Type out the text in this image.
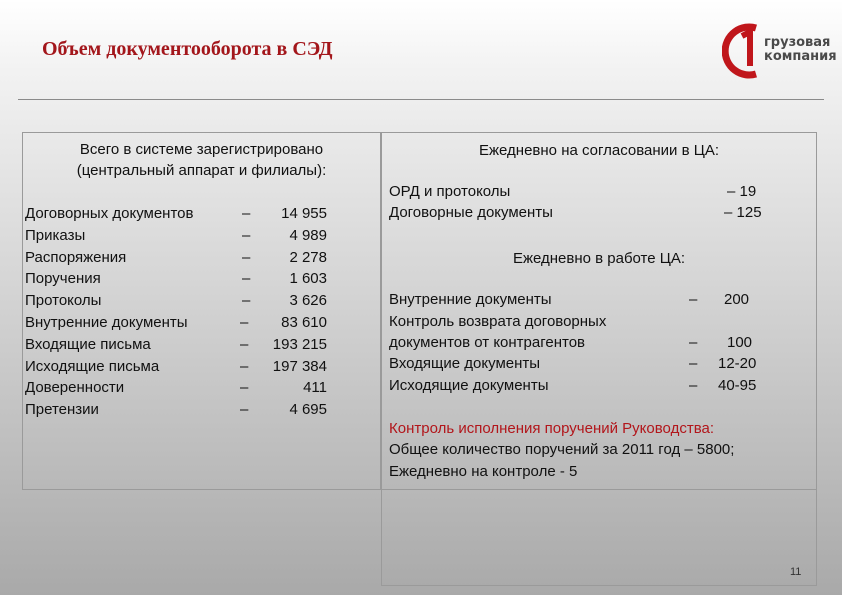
Объем документооборота в СЭД	грузовая
компания
Всего в системе зарегистрировано
(центральный аппарат и филиалы):
Договорных документов	–	14 955
Приказы	–	4 989
Распоряжения	–	2 278
Поручения	–	1 603
Протоколы	–	3 626
Внутренние документы	–	83 610
Входящие письма	–	193 215
Исходящие письма	–	197 384
Доверенности	–	411
Претензии	–	4 695
Ежедневно на согласовании в ЦА:
ОРД и протоколы	– 19
Договорные документы	– 125
Ежедневно в работе ЦА:
Внутренние документы	– 200
Контроль возврата договорных
документов от контрагентов	– 100
Входящие документы	– 12-20
Исходящие документы	– 40-95
Контроль исполнения поручений Руководства:
Общее количество поручений за 2011 год – 5800;
Ежедневно на контроле - 5
11
